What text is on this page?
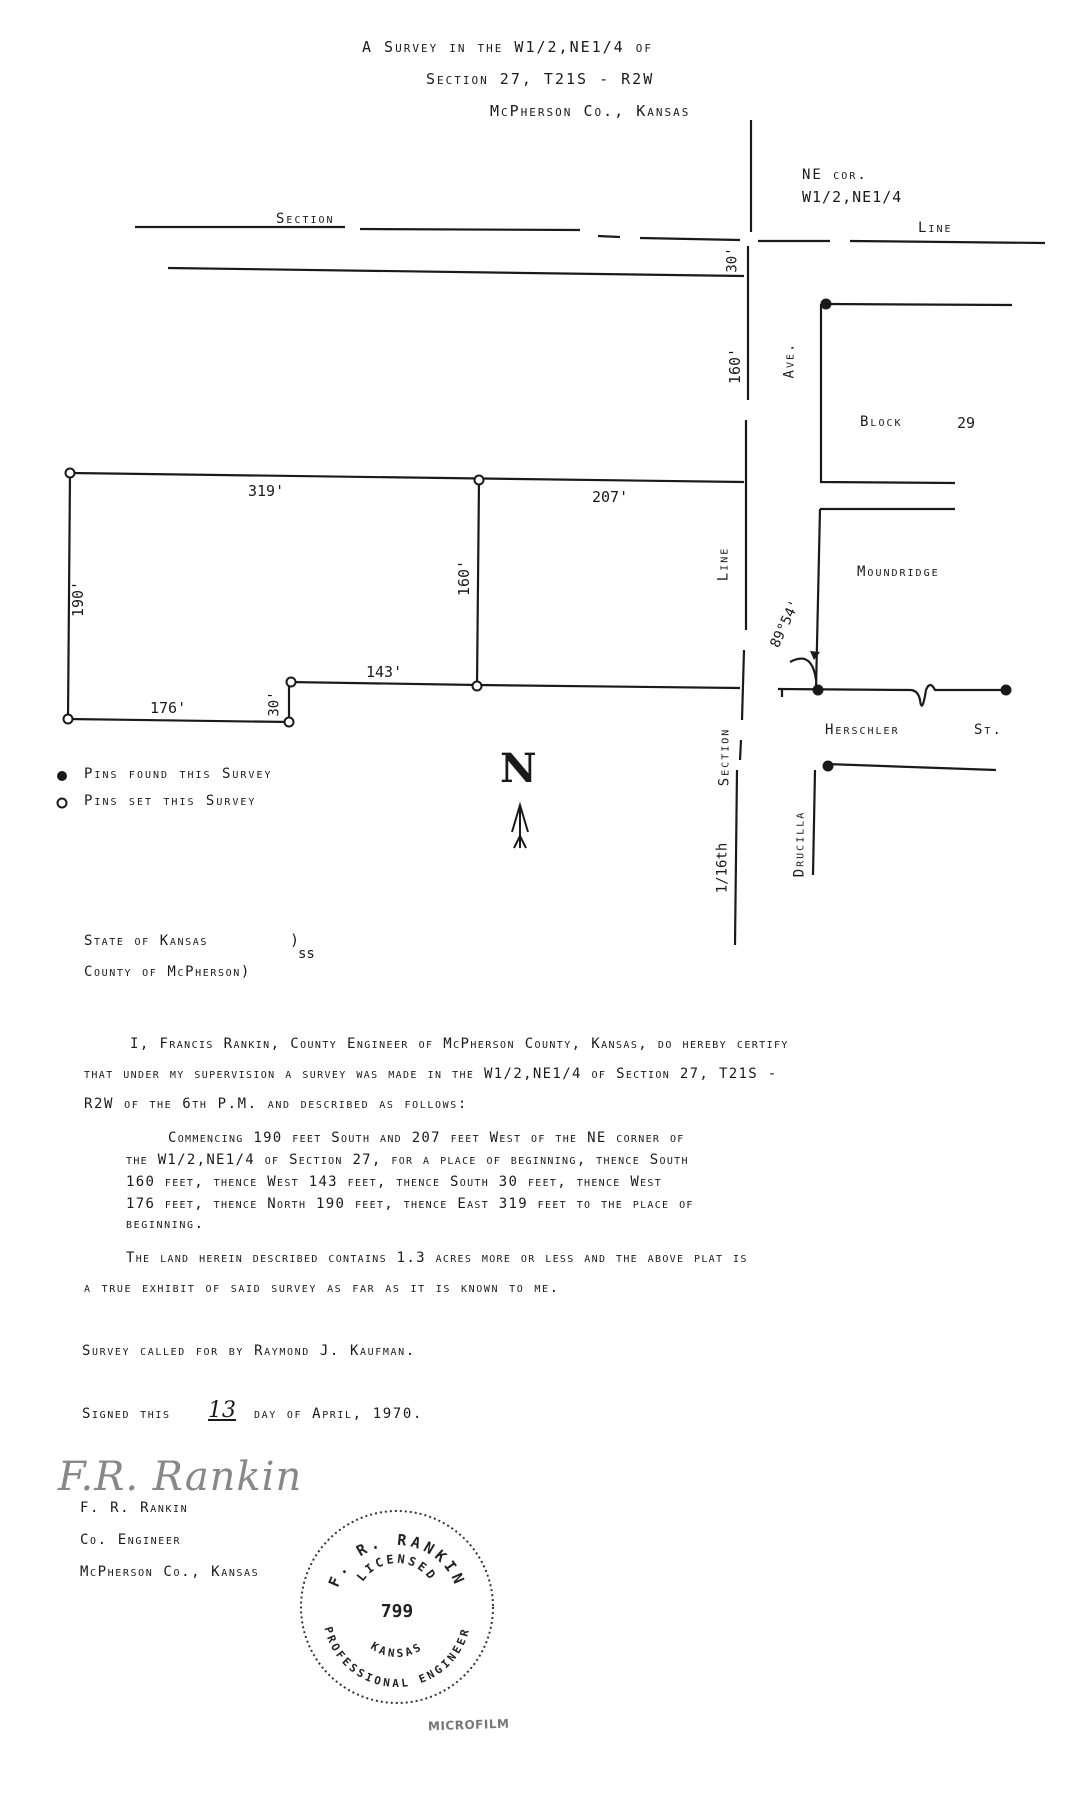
A Survey in the W1/2,NE1/4 of
Section 27, T21S - R2W
McPherson Co., Kansas
NE cor.
W1/2,NE1/4
Section
Line
30'
160'	Ave.
Block	29
Moundridge
319'	207'
190'
160'
143'
30'
176'
Line
89°54'
Herschler	St.
Section
1/16th	Drucilla
N
Pins found this Survey
Pins set this Survey
State of Kansas	)
ss
County of McPherson)
I, Francis Rankin, County Engineer of McPherson County, Kansas, do hereby certify
that under my supervision a survey was made in the W1/2,NE1/4 of Section 27, T21S -
R2W of the 6th P.M. and described as follows:
Commencing 190 feet South and 207 feet West of the NE corner of
the W1/2,NE1/4 of Section 27, for a place of beginning, thence South
160 feet, thence West 143 feet, thence South 30 feet, thence West
176 feet, thence North 190 feet, thence East 319 feet to the place of
beginning.
The land herein described contains 1.3 acres more or less and the above plat is
a true exhibit of said survey as far as it is known to me.
Survey called for by Raymond J. Kaufman.
Signed this 13 day of April, 1970.
F.R. Rankin
F. R. Rankin
Co. Engineer
McPherson Co., Kansas	F. R. RANKIN
LICENSED
799
KANSAS
PROFESSIONAL ENGINEER
MICROFILM
